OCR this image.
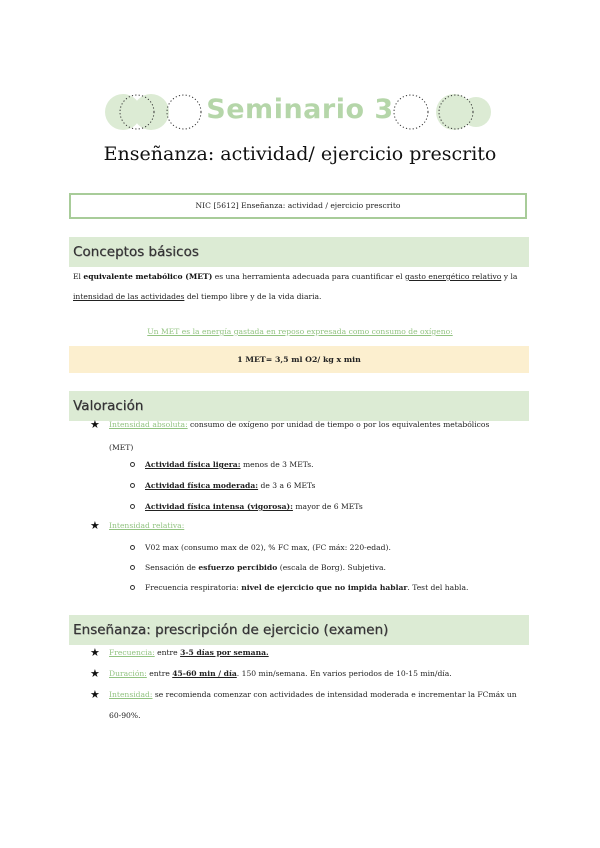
Seminario 3
Enseñanza: actividad/ ejercicio prescrito
NIC [5612] Enseñanza: actividad / ejercicio prescrito
Conceptos básicos
El equivalente metabólico (MET) es una herramienta adecuada para cuantificar el gasto energético relativo y la
intensidad de las actividades del tiempo libre y de la vida diaria.
Un MET es la energía gastada en reposo expresada como consumo de oxígeno:
1 MET= 3,5 ml O2/ kg x min
Valoración
★ Intensidad absoluta: consumo de oxígeno por unidad de tiempo o por los equivalentes metabólicos
(MET)
Actividad física ligera: menos de 3 METs.
Actividad física moderada: de 3 a 6 METs
Actividad física intensa (vigorosa): mayor de 6 METs
★ Intensidad relativa:
V02 max (consumo max de 02), % FC max, (FC máx: 220-edad).
Sensación de esfuerzo percibido (escala de Borg). Subjetiva.
Frecuencia respiratoria: nivel de ejercicio que no impida hablar. Test del habla.
Enseñanza: prescripción de ejercicio (examen)
★ Frecuencia: entre 3-5 días por semana.
★ Duración: entre 45-60 min / día. 150 min/semana. En varios periodos de 10-15 min/día.
★ Intensidad: se recomienda comenzar con actividades de intensidad moderada e incrementar la FCmáx un
60-90%.
